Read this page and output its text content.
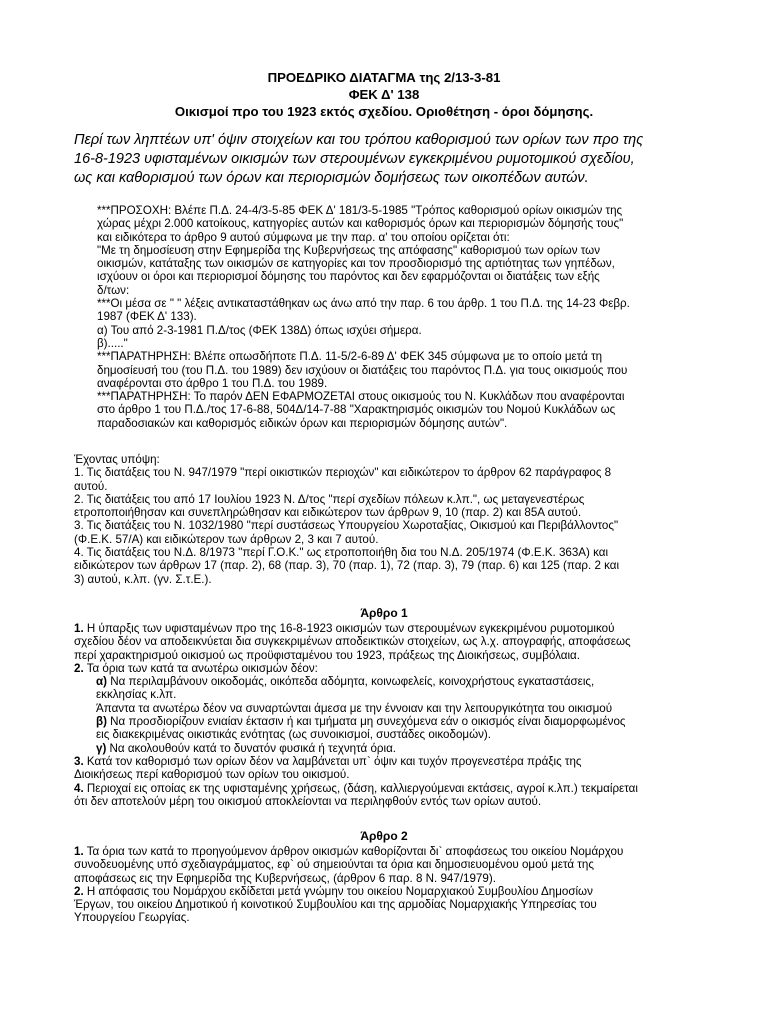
ΠΡΟΕΔΡΙΚΟ ΔΙΑΤΑΓΜΑ της 2/13-3-81
ΦΕΚ Δ' 138
Οικισμοί προ του 1923 εκτός σχεδίου. Οριοθέτηση - όροι δόμησης.
Περί των ληπτέων υπ' όψιν στοιχείων και του τρόπου καθορισμού των ορίων των προ της
16-8-1923 υφισταμένων οικισμών των στερουμένων εγκεκριμένου ρυμοτομικού σχεδίου,
ως και καθορισμού των όρων και περιορισμών δομήσεως των οικοπέδων αυτών.
***ΠΡΟΣΟΧΗ: Βλέπε Π.Δ. 24-4/3-5-85 ΦΕΚ Δ' 181/3-5-1985 "Τρόπος καθορισμού ορίων οικισμών της
χώρας μέχρι 2.000 κατοίκους, κατηγορίες αυτών και καθορισμός όρων και περιορισμών δόμησής τους"
και ειδικότερα το άρθρο 9 αυτού σύμφωνα με την παρ. α' του οποίου ορίζεται ότι:
"Με τη δημοσίευση στην Εφημερίδα της Κυβερνήσεως της απόφασης" καθορισμού των ορίων των
οικισμών, κατάταξης των οικισμών σε κατηγορίες και τον προσδιορισμό της αρτιότητας των γηπέδων,
ισχύουν οι όροι και περιορισμοί δόμησης του παρόντος και δεν εφαρμόζονται οι διατάξεις των εξής
δ/των:
***Οι μέσα σε " " λέξεις αντικαταστάθηκαν ως άνω από την παρ. 6 του άρθρ. 1 του Π.Δ. της 14-23 Φεβρ.
1987 (ΦΕΚ Δ' 133).
α) Του από 2-3-1981 Π.Δ/τος (ΦΕΚ 138Δ) όπως ισχύει σήμερα.
β)....."
***ΠΑΡΑΤΗΡΗΣΗ: Βλέπε οπωσδήποτε Π.Δ. 11-5/2-6-89 Δ' ΦΕΚ 345 σύμφωνα με το οποίο μετά τη
δημοσίευσή του (του Π.Δ. του 1989) δεν ισχύουν οι διατάξεις του παρόντος Π.Δ. για τους οικισμούς που
αναφέρονται στο άρθρο 1 του Π.Δ. του 1989.
***ΠΑΡΑΤΗΡΗΣΗ: Το παρόν ΔΕΝ ΕΦΑΡΜΟΖΕΤΑΙ στους οικισμούς του Ν. Κυκλάδων που αναφέρονται
στο άρθρο 1 του Π.Δ./τος 17-6-88, 504Δ/14-7-88 "Χαρακτηρισμός οικισμών του Νομού Κυκλάδων ως
παραδοσιακών και καθορισμός ειδικών όρων και περιορισμών δόμησης αυτών".
Έχοντας υπόψη:
1. Τις διατάξεις του Ν. 947/1979 "περί οικιστικών περιοχών" και ειδικώτερον το άρθρον 62 παράγραφος 8
αυτού.
2. Τις διατάξεις του από 17 Ιουλίου 1923 Ν. Δ/τος "περί σχεδίων πόλεων κ.λπ.", ως μεταγενεστέρως
ετροποποιήθησαν και συνεπληρώθησαν και ειδικώτερον των άρθρων 9, 10 (παρ. 2) και 85Α αυτού.
3. Τις διατάξεις του Ν. 1032/1980 "περί συστάσεως Υπουργείου Χωροταξίας, Οικισμού και Περιβάλλοντος"
(Φ.Ε.Κ. 57/Α) και ειδικώτερον των άρθρων 2, 3 και 7 αυτού.
4. Τις διατάξεις του Ν.Δ. 8/1973 "περί Γ.Ο.Κ." ως ετροποποιήθη δια του Ν.Δ. 205/1974 (Φ.Ε.Κ. 363Α) και
ειδικώτερον των άρθρων 17 (παρ. 2), 68 (παρ. 3), 70 (παρ. 1), 72 (παρ. 3), 79 (παρ. 6) και 125 (παρ. 2 και
3) αυτού, κ.λπ. (γν. Σ.τ.Ε.).
Άρθρο 1
1. Η ύπαρξις των υφισταμένων προ της 16-8-1923 οικισμών των στερουμένων εγκεκριμένου ρυμοτομικού
σχεδίου δέον να αποδεικνύεται δια συγκεκριμένων αποδεικτικών στοιχείων, ως λ.χ. απογραφής, αποφάσεως
περί χαρακτηρισμού οικισμού ως προϋφισταμένου του 1923, πράξεως της Διοικήσεως, συμβόλαια.
2. Τα όρια των κατά τα ανωτέρω οικισμών δέον:
α) Να περιλαμβάνουν οικοδομάς, οικόπεδα αδόμητα, κοινωφελείς, κοινοχρήστους εγκαταστάσεις,
εκκλησίας κ.λπ.
Άπαντα τα ανωτέρω δέον να συναρτώνται άμεσα με την έννοιαν και την λειτουργικότητα του οικισμού
β) Να προσδιορίζουν ενιαίαν έκτασιν ή και τμήματα μη συνεχόμενα εάν ο οικισμός είναι διαμορφωμένος
εις διακεκριμένας οικιστικάς ενότητας (ως συνοικισμοί, συστάδες οικοδομών).
γ) Να ακολουθούν κατά το δυνατόν φυσικά ή τεχνητά όρια.
3. Κατά τον καθορισμό των ορίων δέον να λαμβάνεται υπ` όψιν και τυχόν προγενεστέρα πράξις της
Διοικήσεως περί καθορισμού των ορίων του οικισμού.
4. Περιοχαί εις οποίας εκ της υφισταμένης χρήσεως, (δάση, καλλιεργούμεναι εκτάσεις, αγροί κ.λπ.) τεκμαίρεται
ότι δεν αποτελούν μέρη του οικισμού αποκλείονται να περιληφθούν εντός των ορίων αυτού.
Άρθρο 2
1. Τα όρια των κατά το προηγούμενον άρθρον οικισμών καθορίζονται δι` αποφάσεως του οικείου Νομάρχου
συνοδευομένης υπό σχεδιαγράμματος, εφ` ού σημειούνται τα όρια και δημοσιευομένου ομού μετά της
αποφάσεως εις την Εφημερίδα της Κυβερνήσεως, (άρθρον 6 παρ. 8 Ν. 947/1979).
2. Η απόφασις του Νομάρχου εκδίδεται μετά γνώμην του οικείου Νομαρχιακού Συμβουλίου Δημοσίων
Έργων, του οικείου Δημοτικού ή κοινοτικού Συμβουλίου και της αρμοδίας Νομαρχιακής Υπηρεσίας του
Υπουργείου Γεωργίας.
